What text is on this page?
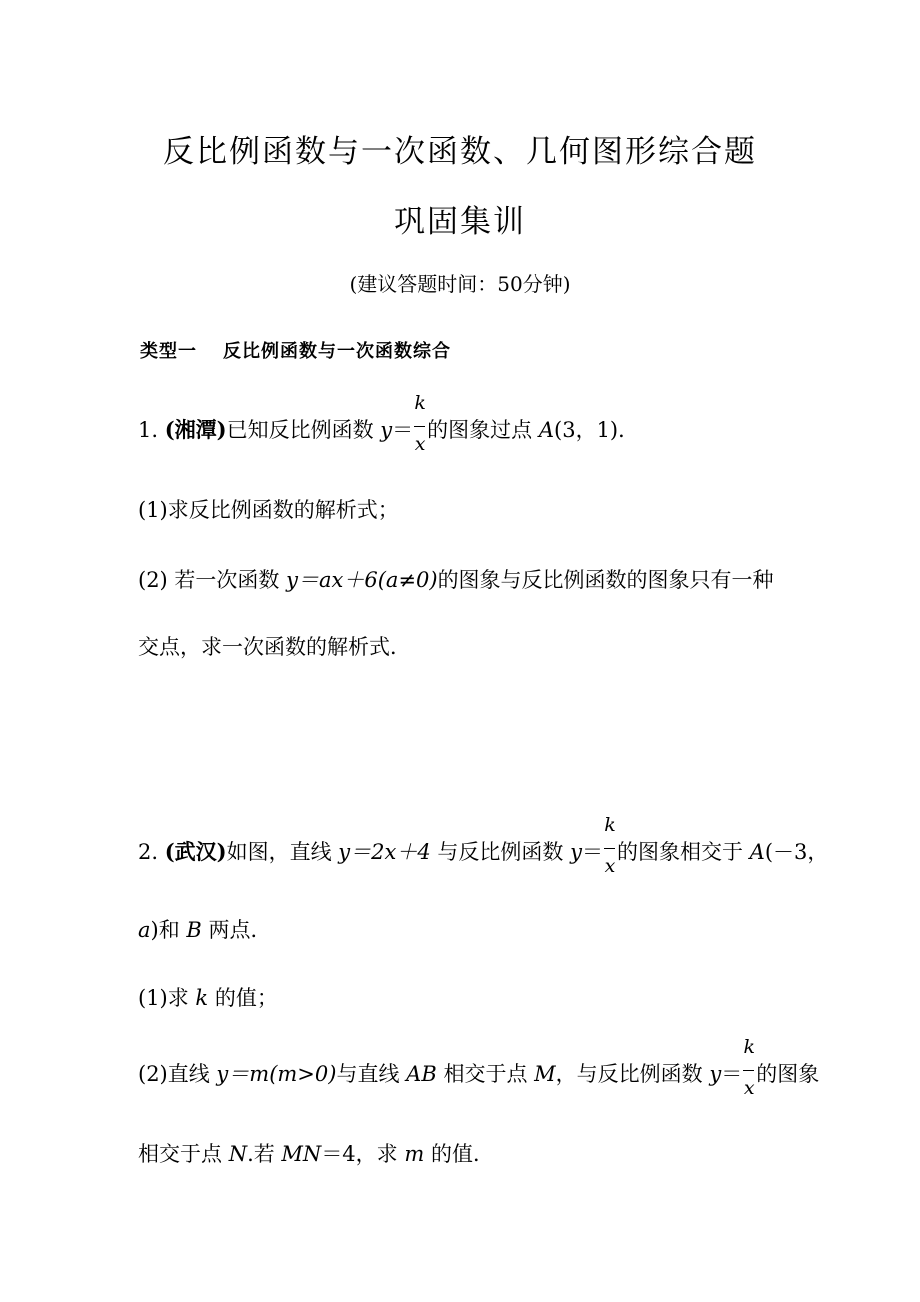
反比例函数与一次函数、几何图形综合题
巩固集训
(建议答题时间：50分钟)
类型一 反比例函数与一次函数综合
1. (湘潭)已知反比例函数 $y= \frac{k}{x}$ 的图象过点 A(3，1)．
(1)求反比例函数的解析式；
(2) 若一次函数 y＝ax＋6(a≠0)的图象与反比例函数的图象只有一种
交点，求一次函数的解析式．
2. (武汉)如图，直线 y＝2x＋4 与反比例函数 $y= \frac{k}{x}$ 的图象相交于 A(－3，
a)和 B 两点．
(1)求 k 的值；
(2)直线 y＝m(m>0)与直线 AB 相交于点 M，与反比例函数 $y= \frac{k}{x}$ 的图象
相交于点 N.若 MN＝4，求 m 的值．
